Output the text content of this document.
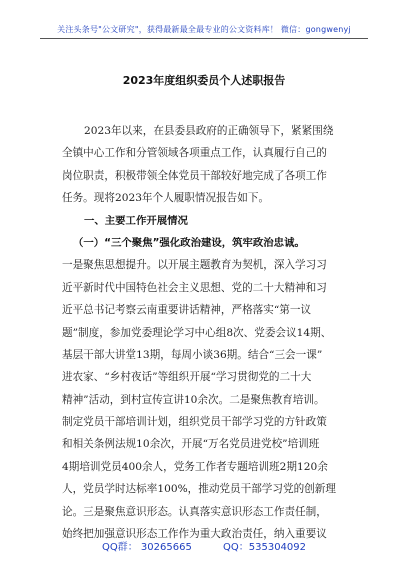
关注头条号"公文研究"，获得最新最全最专业的公文资料库！ 微信：gongwenyj
2023年度组织委员个人述职报告
2023年以来，在县委县政府的正确领导下，紧紧围绕
全镇中心工作和分管领域各项重点工作，认真履行自己的
岗位职责，积极带领全体党员干部较好地完成了各项工作
任务。现将2023年个人履职情况报告如下。
一、主要工作开展情况
（一）“三个聚焦”强化政治建设，筑牢政治忠诚。
一是聚焦思想提升。以开展主题教育为契机，深入学习习
近平新时代中国特色社会主义思想、党的二十大精神和习
近平总书记考察云南重要讲话精神，严格落实“第一议
题”制度，参加党委理论学习中心组8次、党委会议14期、
基层干部大讲堂13期，每周小谈36期。结合“三会一课”
进农家、“乡村夜话”等组织开展“学习贯彻党的二十大
精神”活动，到村宣传宣讲10余次。二是聚焦教育培训。
制定党员干部培训计划，组织党员干部学习党的方针政策
和相关条例法规10余次，开展“万名党员进党校”培训班
4期培训党员400余人，党务工作者专题培训班2期120余
人，党员学时达标率100%，推动党员干部学习党的创新理
论。三是聚焦意识形态。认真落实意识形态工作责任制，
始终把加强意识形态工作作为重大政治责任，纳入重要议
QQ群： 30265665	QQ：535304092
